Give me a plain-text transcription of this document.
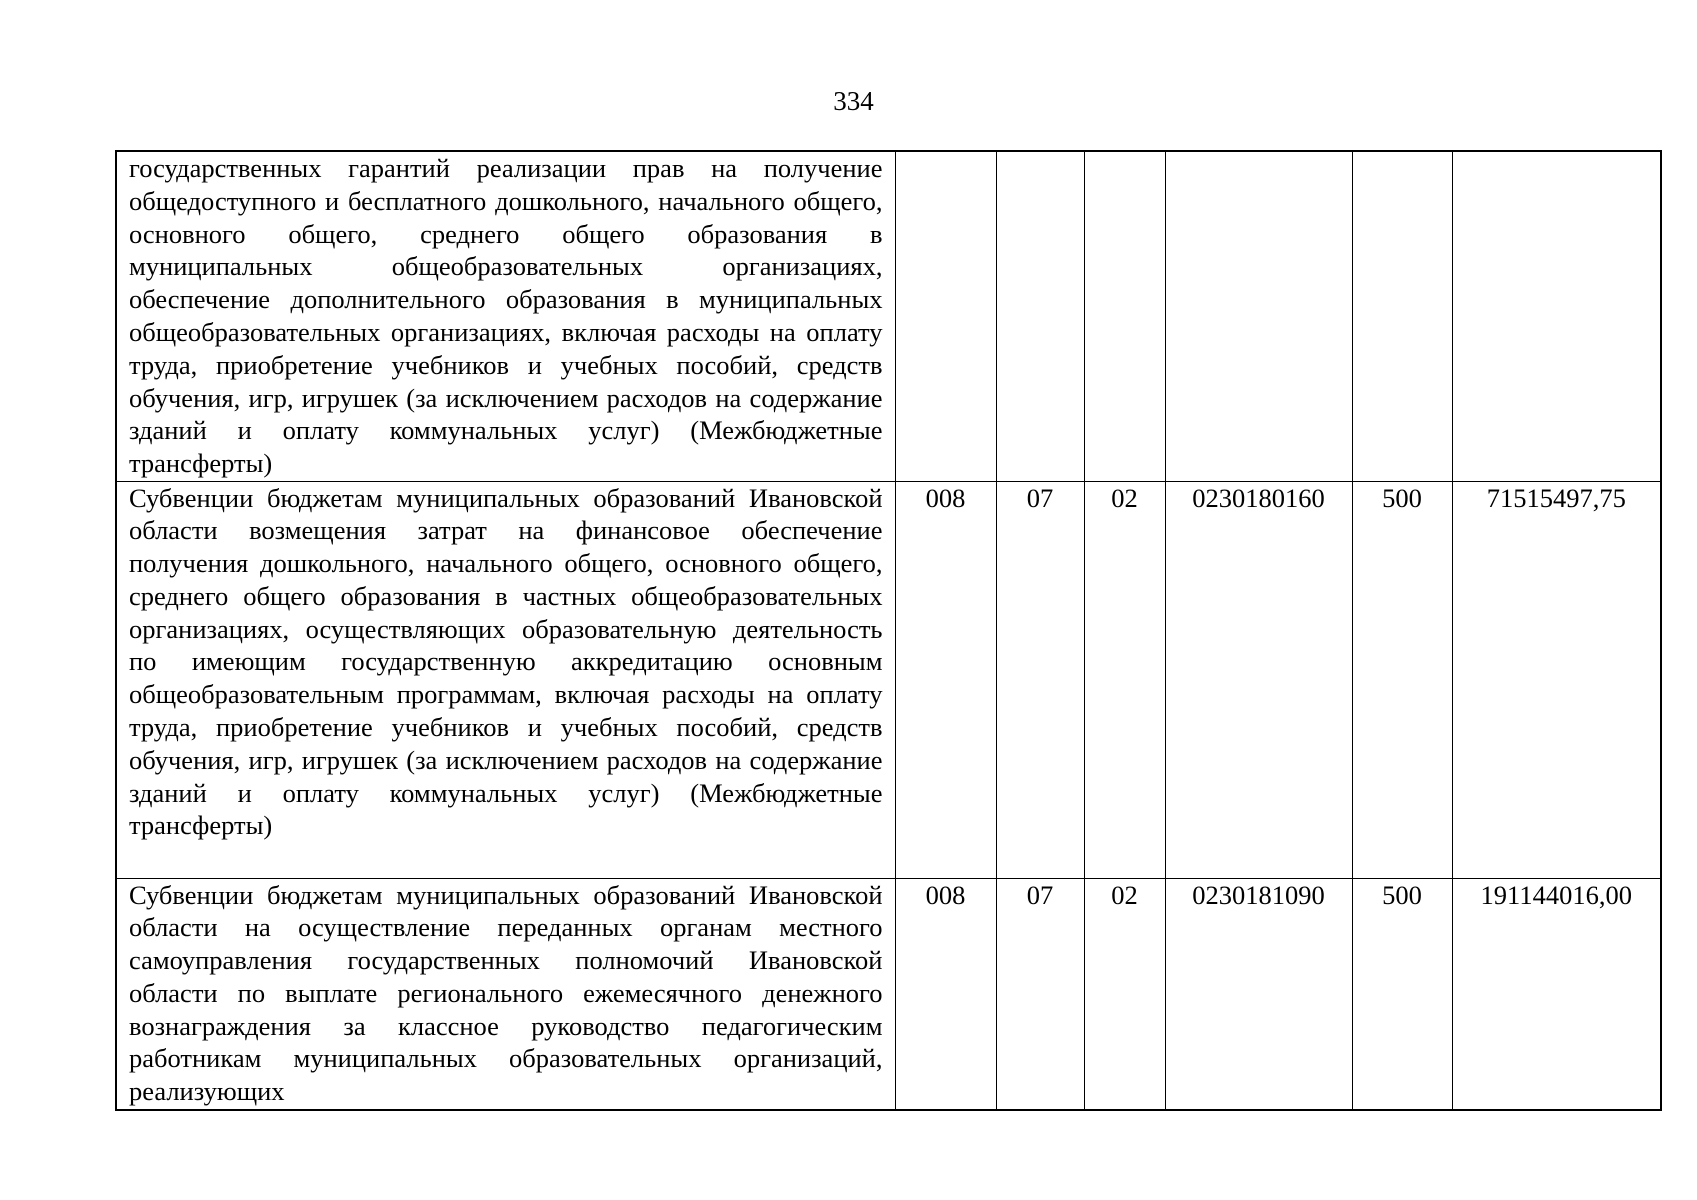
334
государственных гарантий реализации прав на получение общедоступного и бесплатного дошкольного, начального общего, основного общего, среднего общего образования в муниципальных общеобразовательных организациях, обеспечение дополнительного образования в муниципальных общеобразовательных организациях, включая расходы на оплату труда, приобретение учебников и учебных пособий, средств обучения, игр, игрушек (за исключением расходов на содержание зданий и оплату коммунальных услуг) (Межбюджетные трансферты)						
Субвенции бюджетам муниципальных образований Ивановской области возмещения затрат на финансовое обеспечение получения дошкольного, начального общего, основного общего, среднего общего образования в частных общеобразовательных организациях, осуществляющих образовательную деятельность по имеющим государственную аккредитацию основным общеобразовательным программам, включая расходы на оплату труда, приобретение учебников и учебных пособий, средств обучения, игр, игрушек (за исключением расходов на содержание зданий и оплату коммунальных услуг) (Межбюджетные трансферты)	008	07	02	0230180160	500	71515497,75
Субвенции бюджетам муниципальных образований Ивановской области на осуществление переданных органам местного самоуправления государственных полномочий Ивановской области по выплате регионального ежемесячного денежного вознаграждения за классное руководство педагогическим работникам муниципальных образовательных организаций, реализующих	008	07	02	0230181090	500	191144016,00
